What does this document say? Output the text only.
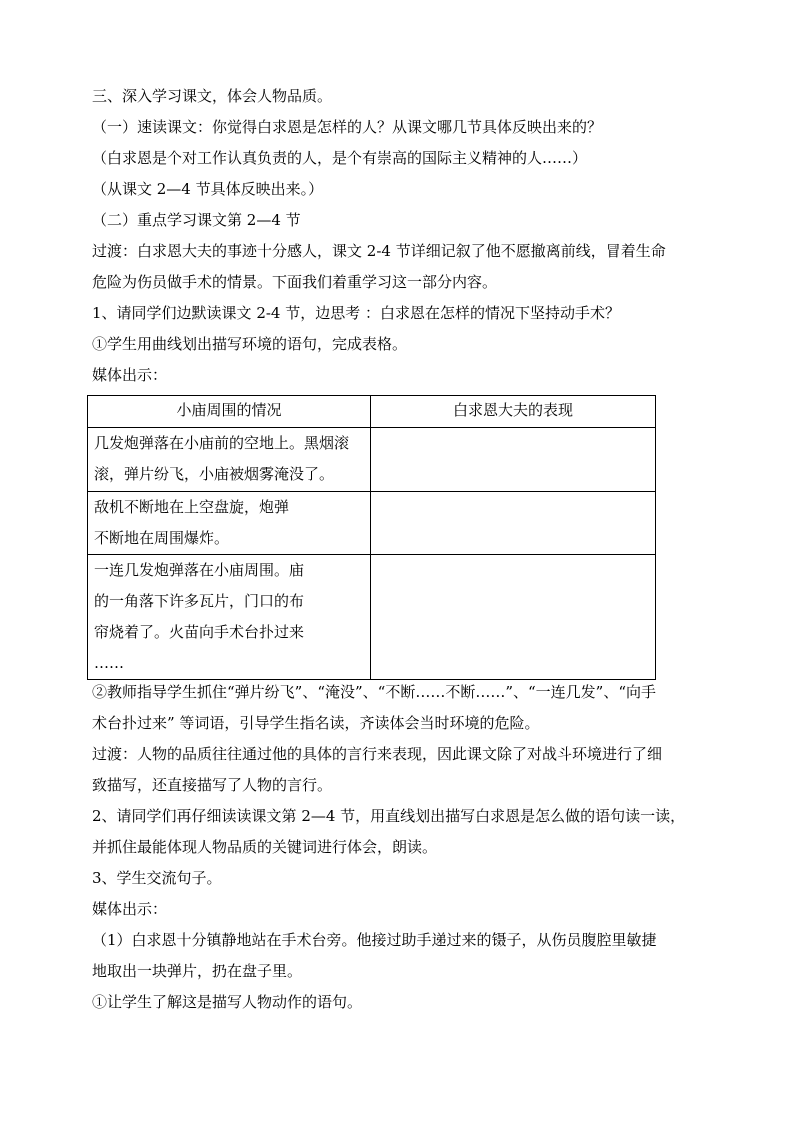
三、深入学习课文，体会人物品质。
（一）速读课文：你觉得白求恩是怎样的人？从课文哪几节具体反映出来的？
（白求恩是个对工作认真负责的人，是个有崇高的国际主义精神的人……）
（从课文 2—4 节具体反映出来。）
（二）重点学习课文第 2—4 节
过渡：白求恩大夫的事迹十分感人，课文 2-4 节详细记叙了他不愿撤离前线，冒着生命
危险为伤员做手术的情景。下面我们着重学习这一部分内容。
1、请同学们边默读课文 2-4 节，边思考 ：白求恩在怎样的情况下坚持动手术？
①学生用曲线划出描写环境的语句，完成表格。
媒体出示：
小庙周围的情况	白求恩大夫的表现

几发炮弹落在小庙前的空地上。黑烟滚
滚，弹片纷飞，小庙被烟雾淹没了。	

敌机不断地在上空盘旋，炮弹
不断地在周围爆炸。	

一连几发炮弹落在小庙周围。庙
的一角落下许多瓦片，门口的布
帘烧着了。火苗向手术台扑过来
……	

②教师指导学生抓住“弹片纷飞”、“淹没”、“不断……不断……”、“一连几发”、“向手
术台扑过来” 等词语，引导学生指名读，齐读体会当时环境的危险。
过渡：人物的品质往往通过他的具体的言行来表现，因此课文除了对战斗环境进行了细
致描写，还直接描写了人物的言行。
2、请同学们再仔细读读课文第 2—4 节，用直线划出描写白求恩是怎么做的语句读一读，
并抓住最能体现人物品质的关键词进行体会，朗读。
3、学生交流句子。
媒体出示：
（1）白求恩十分镇静地站在手术台旁。他接过助手递过来的镊子，从伤员腹腔里敏捷
地取出一块弹片，扔在盘子里。
①让学生了解这是描写人物动作的语句。
